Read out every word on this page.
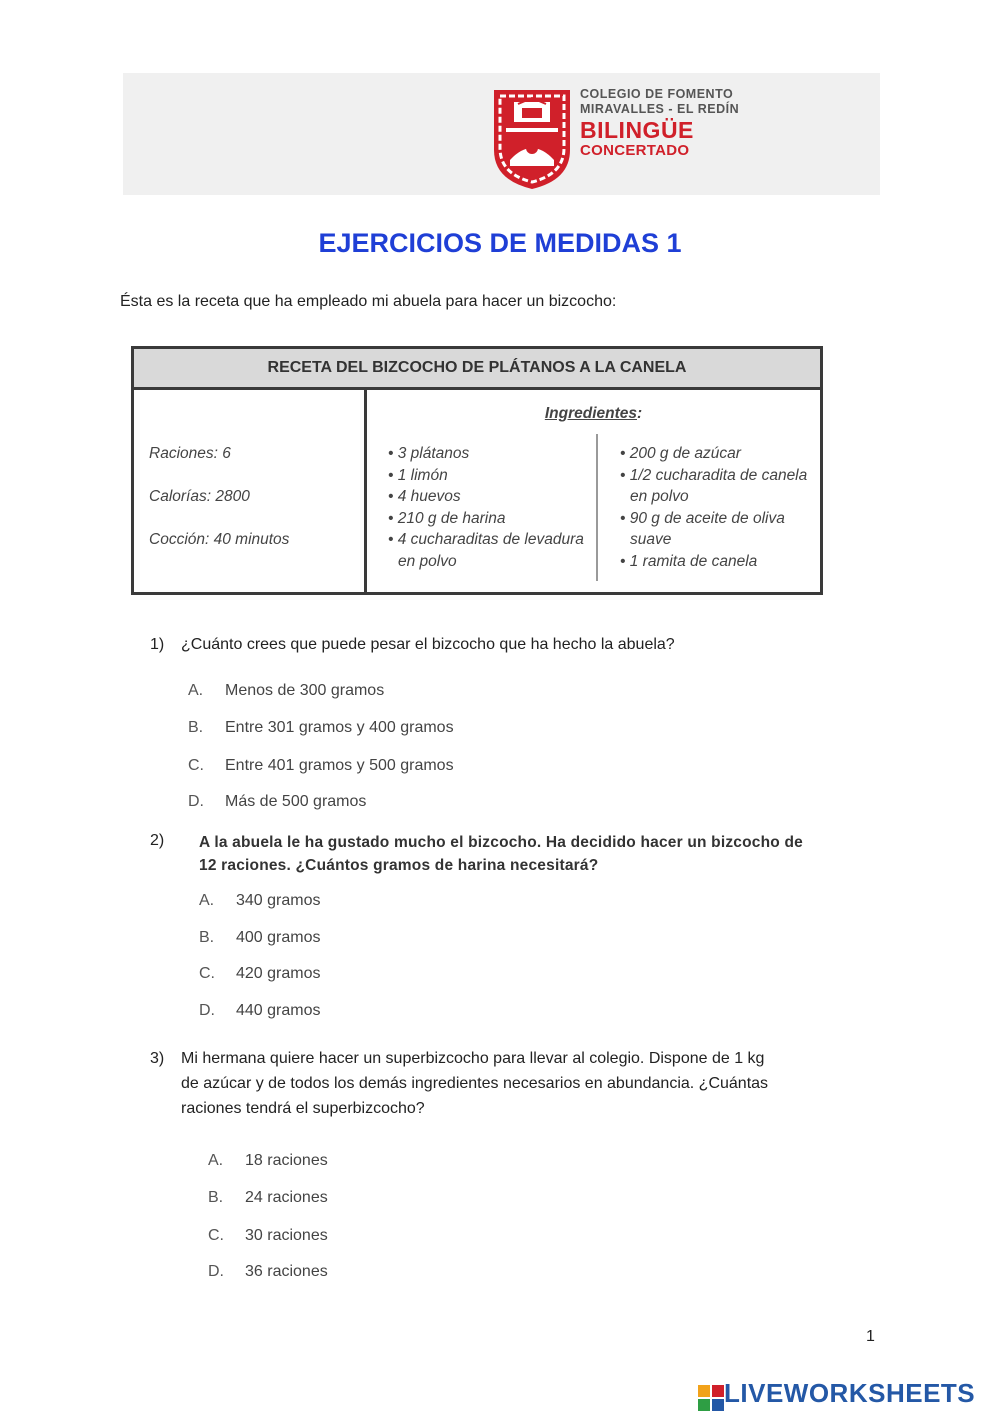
COLEGIO DE FOMENTO
MIRAVALLES - EL REDÍN
BILINGÜE
CONCERTADO
EJERCICIOS DE MEDIDAS 1
Ésta es la receta que ha empleado mi abuela para hacer un bizcocho:
RECETA DEL BIZCOCHO DE PLÁTANOS A LA CANELA
Raciones: 6
Calorías: 2800
Cocción: 40 minutos
Ingredientes:
• 3 plátanos
• 1 limón
• 4 huevos
• 210 g de harina
• 4 cucharaditas de levadura en polvo
• 200 g de azúcar
• 1/2 cucharadita de canela en polvo
• 90 g de aceite de oliva suave
• 1 ramita de canela
1) ¿Cuánto crees que puede pesar el bizcocho que ha hecho la abuela?
A. Menos de 300 gramos
B. Entre 301 gramos y 400 gramos
C. Entre 401 gramos y 500 gramos
D. Más de 500 gramos
2) A la abuela le ha gustado mucho el bizcocho. Ha decidido hacer un bizcocho de
12 raciones. ¿Cuántos gramos de harina necesitará?
A. 340 gramos
B. 400 gramos
C. 420 gramos
D. 440 gramos
3) Mi hermana quiere hacer un superbizcocho para llevar al colegio. Dispone de 1 kg
de azúcar y de todos los demás ingredientes necesarios en abundancia. ¿Cuántas
raciones tendrá el superbizcocho?
A. 18 raciones
B. 24 raciones
C. 30 raciones
D. 36 raciones
1
LIVEWORKSHEETS
